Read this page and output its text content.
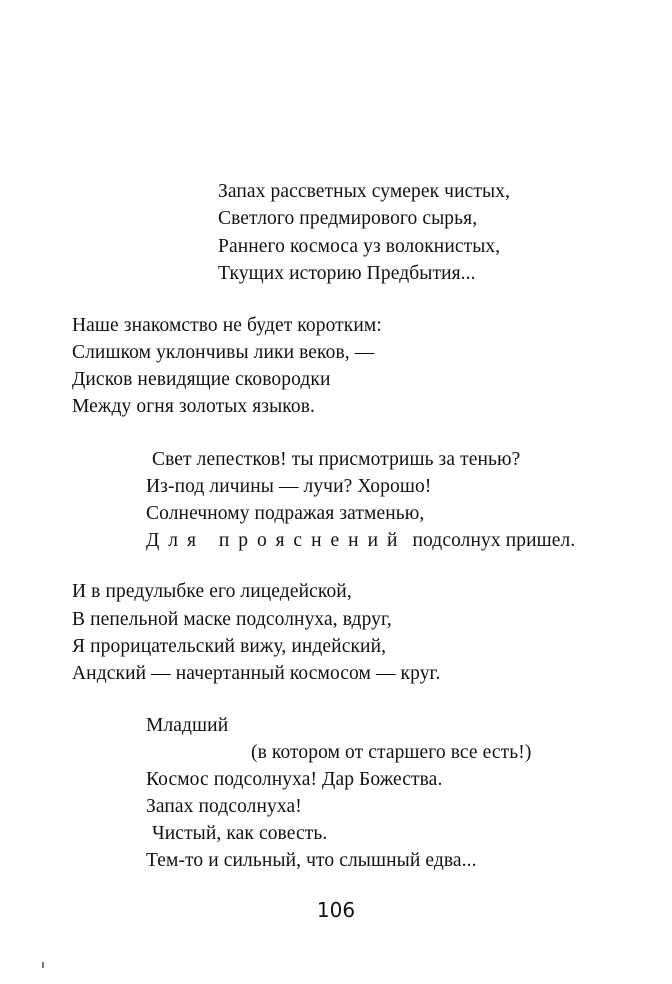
Запах рассветных сумерек чистых,
Светлого предмирового сырья,
Раннего космоса уз волокнистых,
Ткущих историю Предбытия...
Наше знакомство не будет коротким:
Слишком уклончивы лики веков, —
Дисков невидящие сковородки
Между огня золотых языков.
Свет лепестков! ты присмотришь за тенью?
Из-под личины — лучи? Хорошо!
Солнечному подражая затменью,
Для прояснений подсолнух пришел.
И в предулыбке его лицедейской,
В пепельной маске подсолнуха, вдруг,
Я прорицательский вижу, индейский,
Андский — начертанный космосом — круг.
Младший
(в котором от старшего все есть!)
Космос подсолнуха! Дар Божества.
Запах подсолнуха!
Чистый, как совесть.
Тем-то и сильный, что слышный едва...
106
